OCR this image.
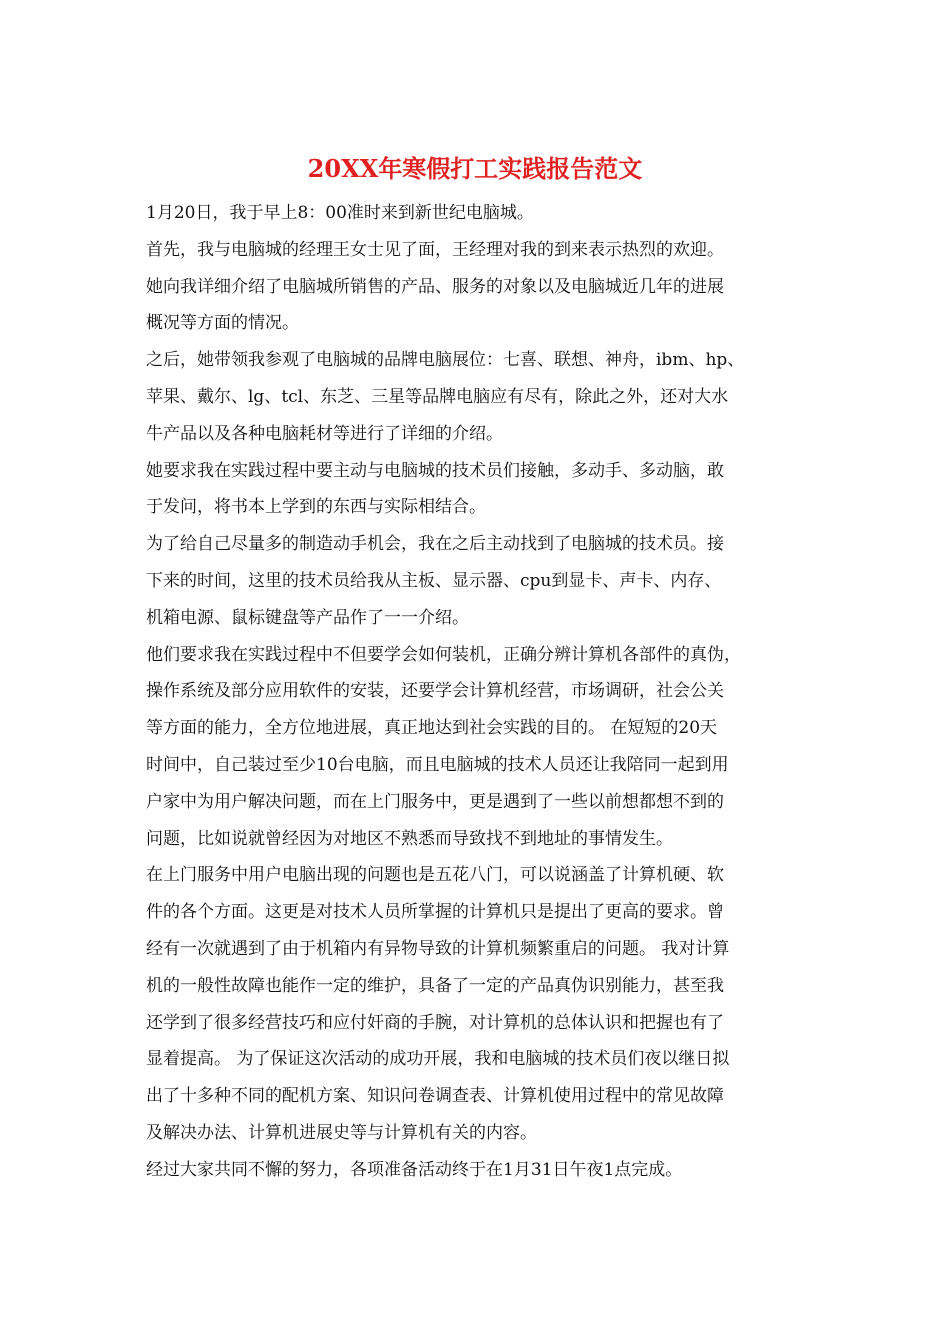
20XX年寒假打工实践报告范文
1月20日，我于早上8：00准时来到新世纪电脑城。
首先，我与电脑城的经理王女士见了面，王经理对我的到来表示热烈的欢迎。
她向我详细介绍了电脑城所销售的产品、服务的对象以及电脑城近几年的进展
概况等方面的情况。
之后，她带领我参观了电脑城的品牌电脑展位：七喜、联想、神舟，ibm、hp、
苹果、戴尔、lg、tcl、东芝、三星等品牌电脑应有尽有，除此之外，还对大水
牛产品以及各种电脑耗材等进行了详细的介绍。
她要求我在实践过程中要主动与电脑城的技术员们接触，多动手、多动脑，敢
于发问，将书本上学到的东西与实际相结合。
为了给自己尽量多的制造动手机会，我在之后主动找到了电脑城的技术员。接
下来的时间，这里的技术员给我从主板、显示器、cpu到显卡、声卡、内存、
机箱电源、鼠标键盘等产品作了一一介绍。
他们要求我在实践过程中不但要学会如何装机，正确分辨计算机各部件的真伪，
操作系统及部分应用软件的安装，还要学会计算机经营，市场调研，社会公关
等方面的能力，全方位地进展，真正地达到社会实践的目的。 在短短的20天
时间中，自己装过至少10台电脑，而且电脑城的技术人员还让我陪同一起到用
户家中为用户解决问题，而在上门服务中，更是遇到了一些以前想都想不到的
问题，比如说就曾经因为对地区不熟悉而导致找不到地址的事情发生。
在上门服务中用户电脑出现的问题也是五花八门，可以说涵盖了计算机硬、软
件的各个方面。这更是对技术人员所掌握的计算机只是提出了更高的要求。曾
经有一次就遇到了由于机箱内有异物导致的计算机频繁重启的问题。 我对计算
机的一般性故障也能作一定的维护，具备了一定的产品真伪识别能力，甚至我
还学到了很多经营技巧和应付奸商的手腕，对计算机的总体认识和把握也有了
显着提高。 为了保证这次活动的成功开展，我和电脑城的技术员们夜以继日拟
出了十多种不同的配机方案、知识问卷调查表、计算机使用过程中的常见故障
及解决办法、计算机进展史等与计算机有关的内容。
经过大家共同不懈的努力，各项准备活动终于在1月31日午夜1点完成。
